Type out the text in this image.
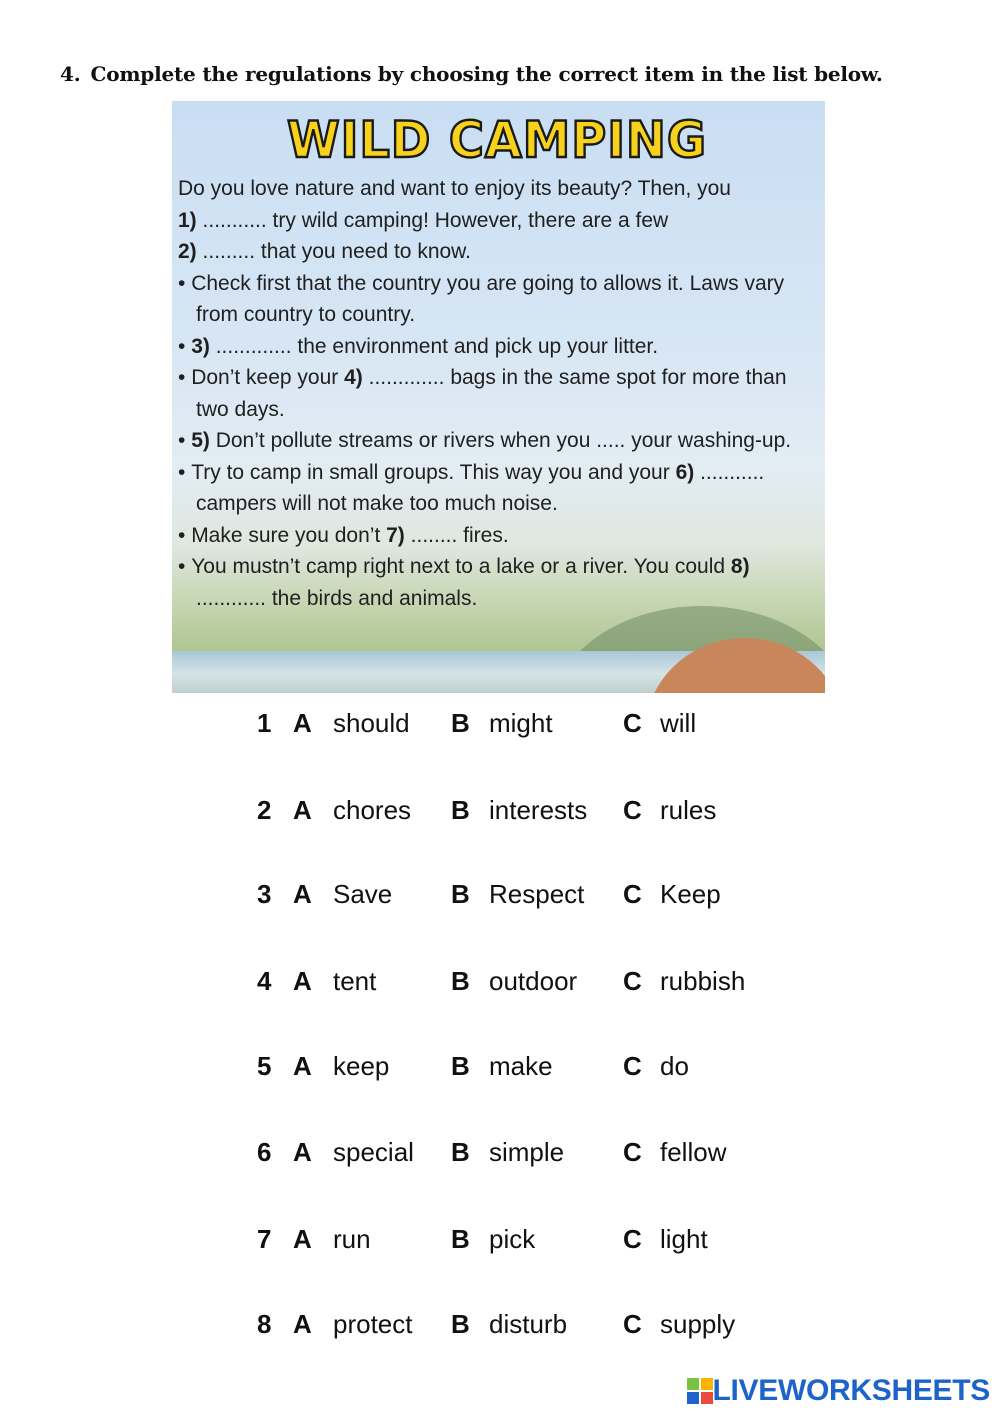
4. Complete the regulations by choosing the correct item in the list below.
WILD CAMPING

Do you love nature and want to enjoy its beauty? Then, you

1) ........... try wild camping! However, there are a few

2) ......... that you need to know.

• Check first that the country you are going to allows it. Laws vary from country to country.

• 3) ............. the environment and pick up your litter.

• Don’t keep your 4) ............. bags in the same spot for more than two days.

• 5) Don’t pollute streams or rivers when you ..... your washing-up.

• Try to camp in small groups. This way you and your 6) ........... campers will not make too much noise.

• Make sure you don’t 7) ........ fires.

• You mustn’t camp right next to a lake or a river. You could 8) ............ the birds and animals.

1 A should B might	C will
2 A chores B interests C rules
3 A Save B Respect C Keep
4 A tent	B outdoor C rubbish
5 A keep B make	C do
6 A special B simple C fellow
7 A run	B pick	C light
8 A protect B disturb C supply
LIVEWORKSHEETS
